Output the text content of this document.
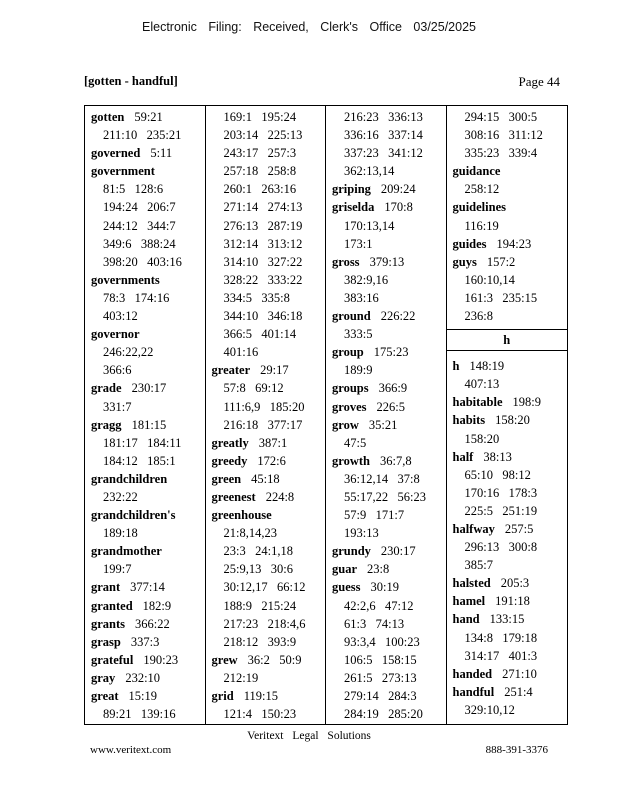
Electronic Filing: Received, Clerk's Office 03/25/2025
[gotten - handful]	Page 44
gotten 59:21
211:10   235:21
governed 5:11
government
81:5   128:6
194:24   206:7
244:12   344:7
349:6   388:24
398:20   403:16
governments
78:3   174:16
403:12
governor
246:22,22
366:6
grade 230:17
331:7
gragg 181:15
181:17   184:11
184:12   185:1
grandchildren
232:22
grandchildren's
189:18
grandmother
199:7
grant 377:14
granted 182:9
grants 366:22
grasp 337:3
grateful 190:23
gray 232:10
great 15:19
89:21   139:16
169:1   195:24
203:14   225:13
243:17   257:3
257:18   258:8
260:1   263:16
271:14   274:13
276:13   287:19
312:14   313:12
314:10   327:22
328:22   333:22
334:5   335:8
344:10   346:18
366:5   401:14
401:16
greater 29:17
57:8   69:12
111:6,9   185:20
216:18   377:17
greatly 387:1
greedy 172:6
green 45:18
greenest 224:8
greenhouse
21:8,14,23
23:3   24:1,18
25:9,13   30:6
30:12,17   66:12
188:9   215:24
217:23   218:4,6
218:12   393:9
grew 36:2   50:9
212:19
grid 119:15
121:4   150:23
216:23   336:13
336:16   337:14
337:23   341:12
362:13,14
griping 209:24
griselda 170:8
170:13,14
173:1
gross 379:13
382:9,16
383:16
ground 226:22
333:5
group 175:23
189:9
groups 366:9
groves 226:5
grow 35:21
47:5
growth 36:7,8
36:12,14   37:8
55:17,22   56:23
57:9   171:7
193:13
grundy 230:17
guar 23:8
guess 30:19
42:2,6   47:12
61:3   74:13
93:3,4   100:23
106:5   158:15
261:5   273:13
279:14   284:3
284:19   285:20
294:15   300:5
308:16   311:12
335:23   339:4
guidance
258:12
guidelines
116:19
guides 194:23
guys 157:2
160:10,14
161:3   235:15
236:8
h
h 148:19
407:13
habitable 198:9
habits 158:20
158:20
half 38:13
65:10   98:12
170:16   178:3
225:5   251:19
halfway 257:5
296:13   300:8
385:7
halsted 205:3
hamel 191:18
hand 133:15
134:8   179:18
314:17   401:3
handed 271:10
handful 251:4
329:10,12
Veritext Legal Solutions
www.veritext.com	888-391-3376
